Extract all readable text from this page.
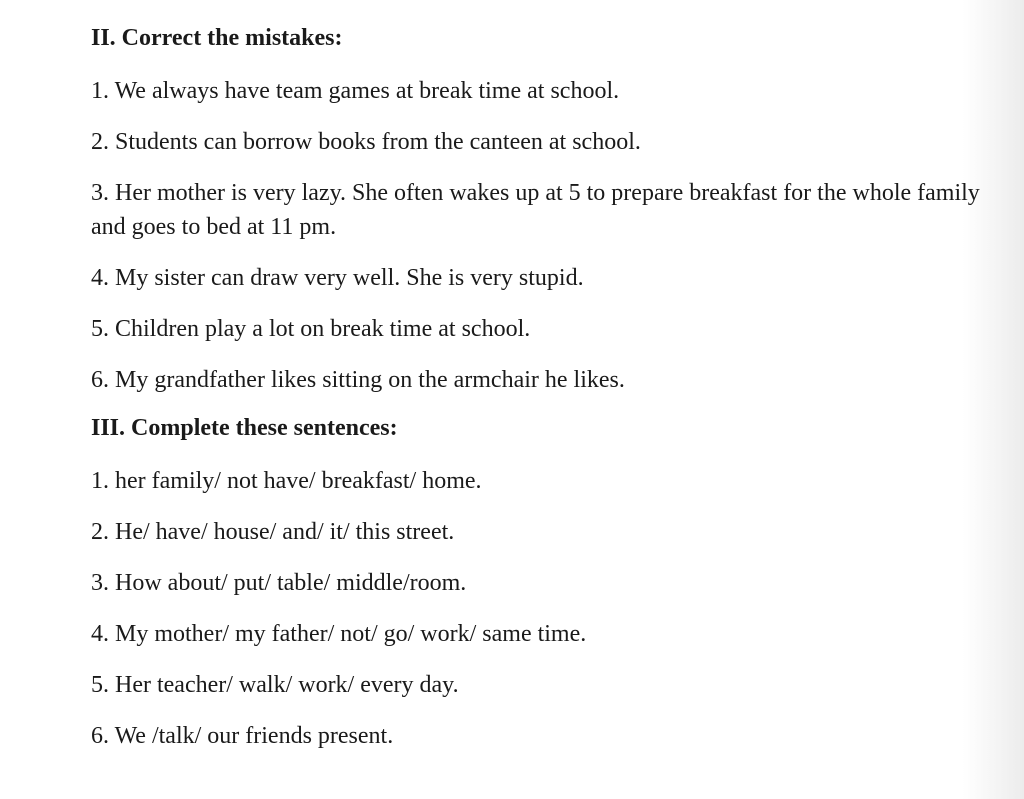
II. Correct the mistakes:

1. We always have team games at break time at school.

2. Students can borrow books from the canteen at school.

3. Her mother is very lazy. She often wakes up at 5 to prepare breakfast for the whole family and goes to bed at 11 pm.

4. My sister can draw very well. She is very stupid.

5. Children play a lot on break time at school.

6. My grandfather likes sitting on the armchair he likes.

III. Complete these sentences:

1. her family/ not have/ breakfast/ home.

2. He/ have/ house/ and/ it/ this street.

3. How about/ put/ table/ middle/room.

4. My mother/ my father/ not/ go/ work/ same time.

5. Her teacher/ walk/ work/ every day.

6. We /talk/ our friends present.
